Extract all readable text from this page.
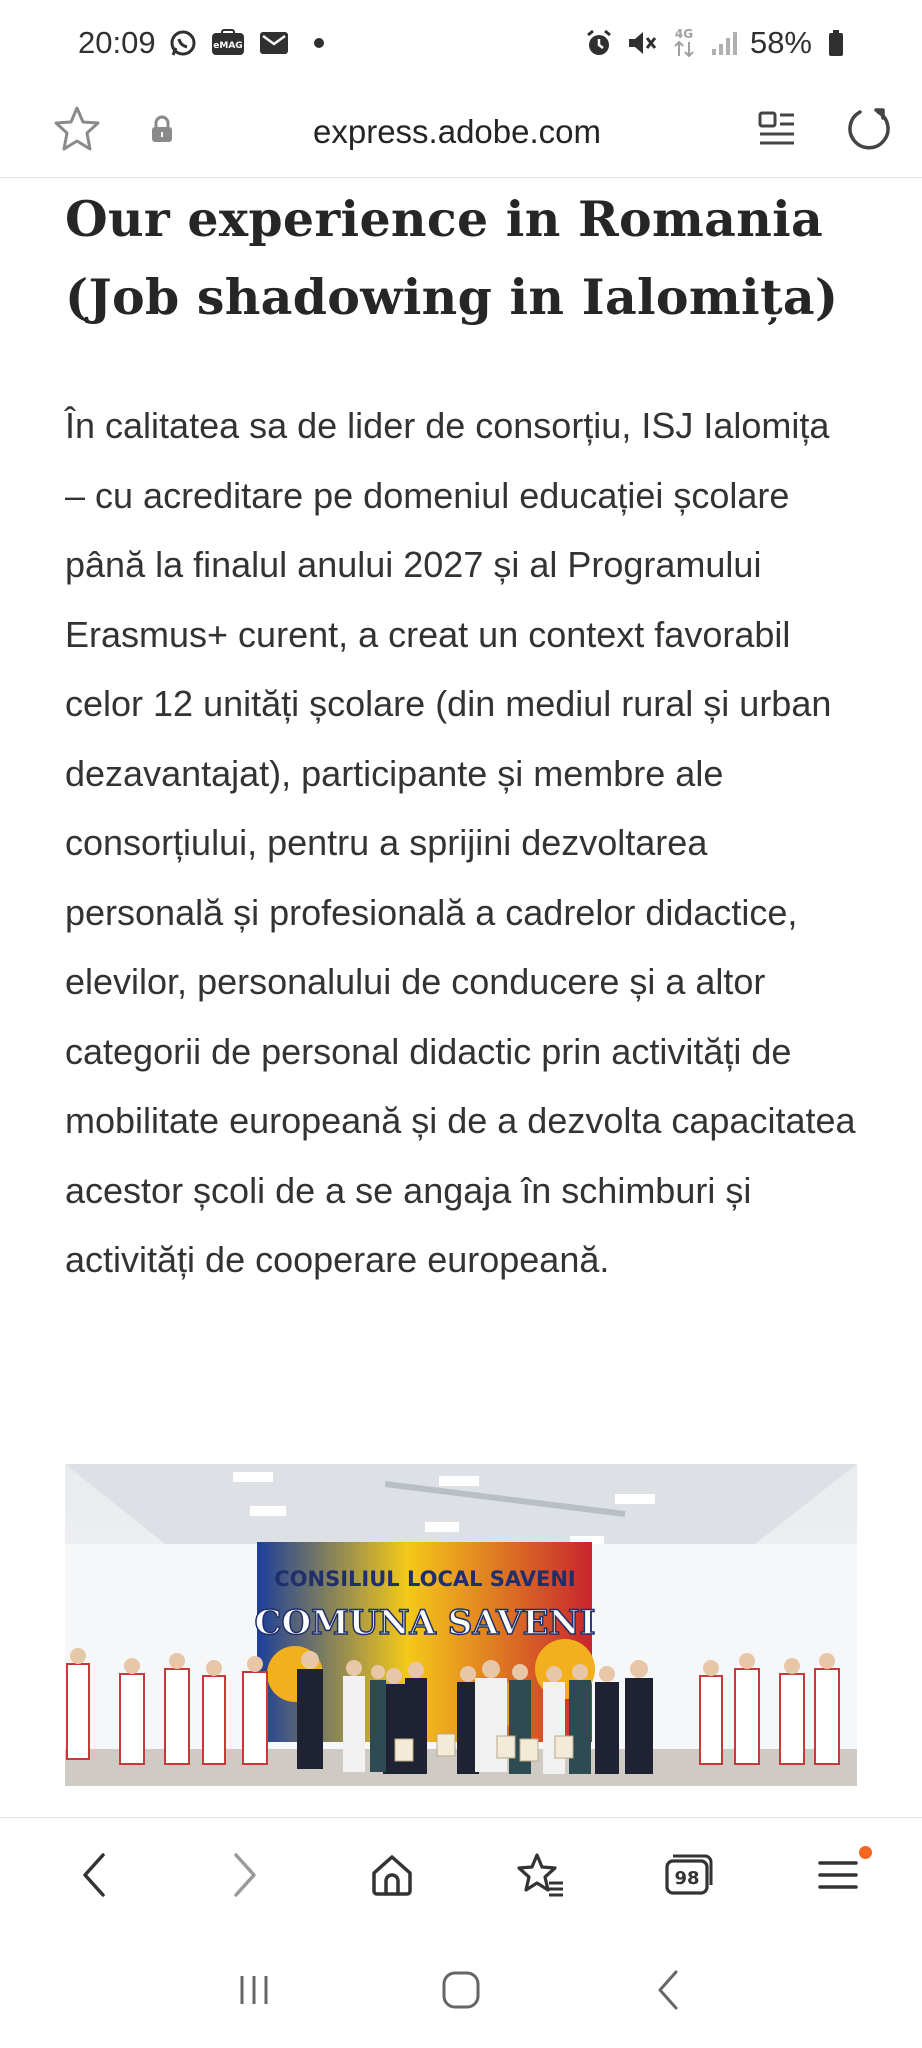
20:09	eMAG
4G 58%
express.adobe.com
Our experience in Romania (Job shadowing in Ialomița)

În calitatea sa de lider de consorțiu, ISJ Ialomița – cu acreditare pe domeniul educației școlare până la finalul anului 2027 și al Programului Erasmus+ curent, a creat un context favorabil celor 12 unități școlare (din mediul rural și urban dezavantajat), participante și membre ale consorțiului, pentru a sprijini dezvoltarea personală și profesională a cadrelor didactice, elevilor, personalului de conducere și a altor categorii de personal didactic prin activități de mobilitate europeană și de a dezvolta capacitatea acestor școli de a se angaja în schimburi și activități de cooperare europeană.

CONSILIUL LOCAL SAVENI
COMUNA SAVENI
98
